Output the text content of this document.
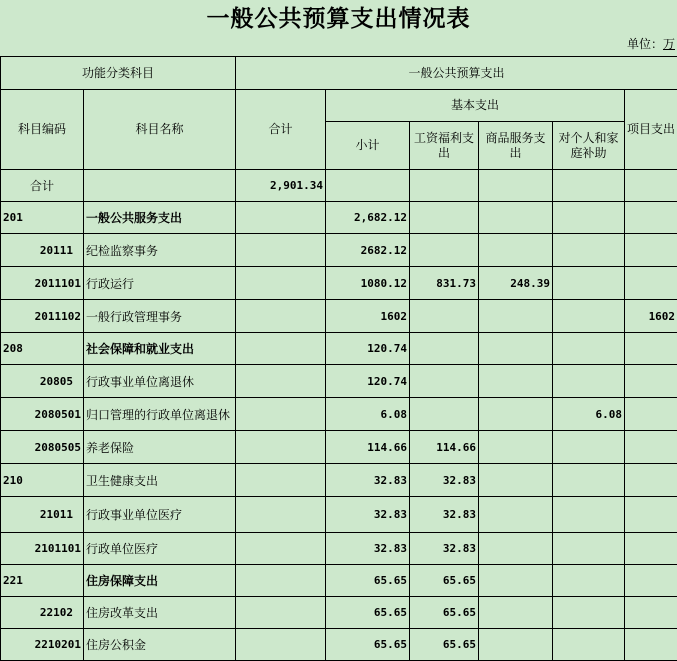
一般公共预算支出情况表
单位：万
功能分类科目		一般公共预算支出					
科目编码	科目名称	合计	基本支出				项目支出
			小计	工资福利支出	商品服务支出	对个人和家庭补助	
合计		2,901.34					
201	一般公共服务支出		2,682.12				
20111	纪检监察事务		2682.12				
2011101	行政运行		1080.12	831.73	248.39		
2011102	一般行政管理事务		1602				1602
208	社会保障和就业支出		120.74				
20805	行政事业单位离退休		120.74				
2080501	归口管理的行政单位离退休		6.08			6.08	
2080505	养老保险		114.66	114.66			
210	卫生健康支出		32.83	32.83			
21011	行政事业单位医疗		32.83	32.83			
2101101	行政单位医疗		32.83	32.83			
221	住房保障支出		65.65	65.65			
22102	住房改革支出		65.65	65.65			
2210201	住房公积金		65.65	65.65			
